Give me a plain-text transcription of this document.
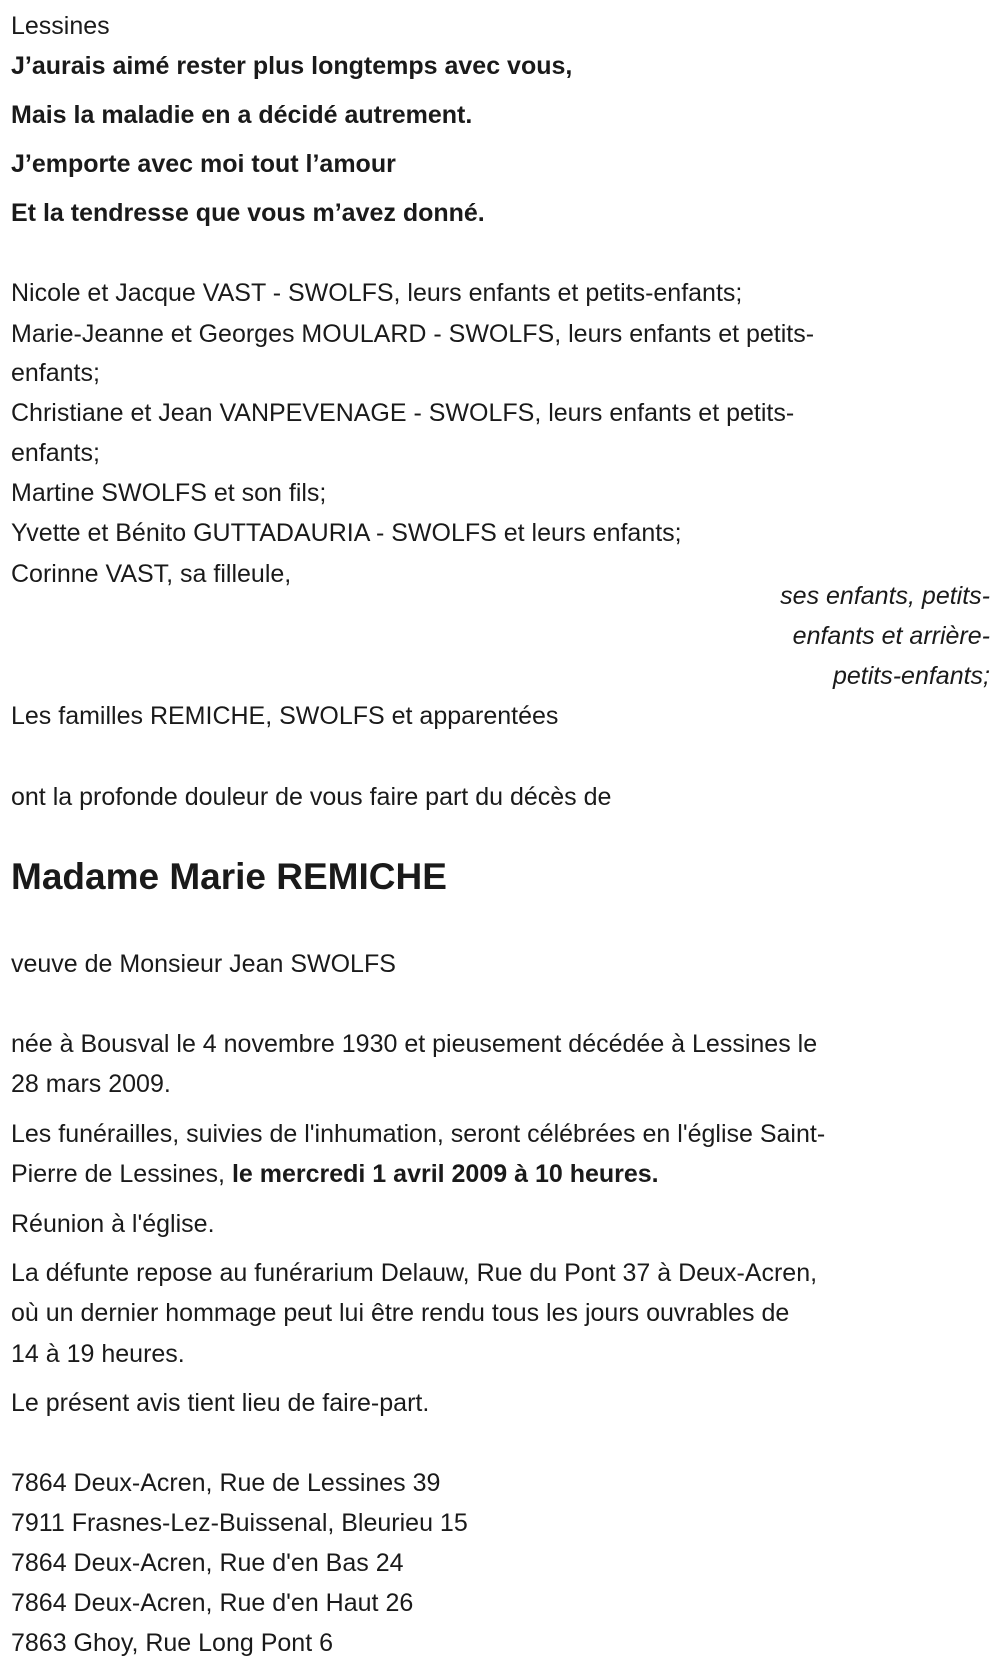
Lessines
J’aurais aimé rester plus longtemps avec vous,
Mais la maladie en a décidé autrement.
J’emporte avec moi tout l’amour
Et la tendresse que vous m’avez donné.
Nicole et Jacque VAST - SWOLFS, leurs enfants et petits-enfants;
Marie-Jeanne et Georges MOULARD - SWOLFS, leurs enfants et petits-
enfants;
Christiane et Jean VANPEVENAGE - SWOLFS, leurs enfants et petits-
enfants;
Martine SWOLFS et son fils;
Yvette et Bénito GUTTADAURIA - SWOLFS et leurs enfants;
Corinne VAST, sa filleule,
ses enfants, petits-
enfants et arrière-
petits-enfants;
Les familles REMICHE, SWOLFS et apparentées
ont la profonde douleur de vous faire part du décès de
Madame Marie REMICHE
veuve de Monsieur Jean SWOLFS
née à Bousval le 4 novembre 1930 et pieusement décédée à Lessines le
28 mars 2009.
Les funérailles, suivies de l'inhumation, seront célébrées en l'église Saint-
Pierre de Lessines, le mercredi 1 avril 2009 à 10 heures.
Réunion à l'église.
La défunte repose au funérarium Delauw, Rue du Pont 37 à Deux-Acren,
où un dernier hommage peut lui être rendu tous les jours ouvrables de
14 à 19 heures.
Le présent avis tient lieu de faire-part.
7864 Deux-Acren, Rue de Lessines 39
7911 Frasnes-Lez-Buissenal, Bleurieu 15
7864 Deux-Acren, Rue d'en Bas 24
7864 Deux-Acren, Rue d'en Haut 26
7863 Ghoy, Rue Long Pont 6
